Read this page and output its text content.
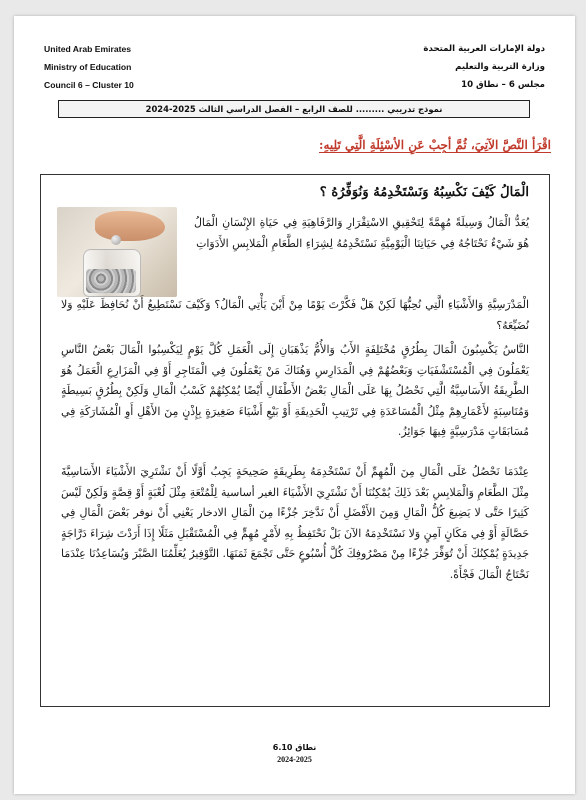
United Arab Emirates
Ministry of Education
Council 6 – Cluster 10
دولة الإمارات العربية المتحدة
وزارة التربية والتعليم
مجلس 6 – نطاق 10
نموذج تدريبي ......... للصف الرابع – الفصل الدراسي الثالث 2025-2024
اقْرَأ النَّصَّ الآتِيَ، ثُمَّ أجِبْ عَنِ الأسْئِلَةِ الَّتِي تَلِيهِ:
الْمَالُ كَيْفَ نَكْسِبُهُ وَنَسْتَخْدِمُهُ وَنُوَفِّرُهُ ؟
يُعَدُّ الْمَالُ وَسِيلَةً مُهِمَّةً لِتَحْقِيقِ الاسْتِقْرَارِ وَالرَّفَاهِيَةِ فِي حَيَاةِ الإِنْسَانِ الْمَالُ هُوَ شَيْءٌ نَحْتَاجُهُ فِي حَيَاتِنَا الْيَوْمِيَّةِ نَسْتَخْدِمُهُ لِشِرَاءِ الطَّعَامِ الْمَلابِسِ الأَدَوَاتِ
الْمَدْرَسِيَّةِ وَالأَشْيَاءِ الَّتِي نُحِبُّهَا لَكِنْ هَلْ فَكَّرْتَ يَوْمًا مِنْ أَيْنَ يَأْتِي الْمَالُ؟ وَكَيْفَ نَسْتَطِيعُ أَنْ نُحَافِظَ عَلَيْهِ وَلا نُضَيِّعَهُ؟
النَّاسُ يَكْسِبُونَ الْمَالَ بِطُرُقٍ مُخْتَلِفَةٍ الأَبُ وَالأُمُّ يَذْهَبَانِ إِلَى الْعَمَلِ كُلَّ يَوْمٍ لِيَكْسِبُوا الْمَالَ بَعْضُ النَّاسِ يَعْمَلُونَ فِي الْمُسْتَشْفَيَاتِ وَبَعْضُهُمْ فِي الْمَدَارِسِ وَهُنَاكَ مَنْ يَعْمَلُونَ فِي الْمَتَاجِرِ أَوْ فِي الْمَزَارِعِ الْعَمَلُ هُوَ الطَّرِيقَةُ الأَسَاسِيَّةُ الَّتِي نَحْصُلُ بِهَا عَلَى الْمَالِ بَعْضُ الأَطْفَالِ أَيْضًا يُمْكِنُهُمْ كَسْبُ الْمَالِ وَلَكِنْ بِطُرُقٍ بَسِيطَةٍ وَمُنَاسِبَةٍ لأَعْمَارِهِمْ مِثْلُ الْمُسَاعَدَةِ فِي تَرْتِيبِ الْحَدِيقَةِ أَوْ بَيْعِ أَشْيَاءَ صَغِيرَةٍ بِإِذْنٍ مِنَ الأَهْلِ أَوِ الْمُشَارَكَةِ فِي مُسَابَقَاتٍ مَدْرَسِيَّةٍ فِيهَا جَوَائِزُ.
عِنْدَمَا نَحْصُلُ عَلَى الْمَالِ مِنَ الْمُهِمِّ أَنْ نَسْتَخْدِمَهُ بِطَرِيقَةٍ صَحِيحَةٍ يَجِبُ أَوَّلًا أَنْ نَشْتَرِيَ الأَشْيَاءَ الأَسَاسِيَّةَ مِثْلَ الطَّعَامِ وَالْمَلابِسِ بَعْدَ ذَلِكَ يُمْكِنُنَا أَنْ نَشْتَرِيَ الأَشْيَاءَ الغير أساسية لِلْمُتْعَةِ مِثْلَ لُعْبَةٍ أَوْ قِصَّةٍ وَلَكِنْ لَيْسَ كَثِيرًا حَتَّى لا يَضِيعَ كُلُّ الْمَالِ وَمِنَ الأَفْضَلِ أَنْ نَدَّخِرَ جُزْءًا مِنَ الْمَالِ الادخار يَعْنِي أَنْ نوفر بَعْضَ الْمَالِ فِي حَصَّالَةٍ أَوْ فِي مَكَانٍ آمِنٍ وَلا نَسْتَخْدِمَهُ الآنَ بَلْ نَحْتَفِظُ بِهِ لأَمْرٍ مُهِمٍّ فِي الْمُسْتَقْبَلِ مَثَلًا إِذَا أَرَدْتَ شِرَاءَ دَرَّاجَةٍ جَدِيدَةٍ يُمْكِنُكَ أَنْ تُوَفِّرَ جُزْءًا مِنْ مَصْرُوفِكَ كُلَّ أُسْبُوعٍ حَتَّى تَجْمَعَ ثَمَنَهَا. التَّوْفِيرُ يُعَلِّمُنَا الصَّبْرَ وَيُسَاعِدُنَا عِنْدَمَا نَحْتَاجُ الْمَالَ فَجْأَةً.
نطاق 6.10
2024-2025
